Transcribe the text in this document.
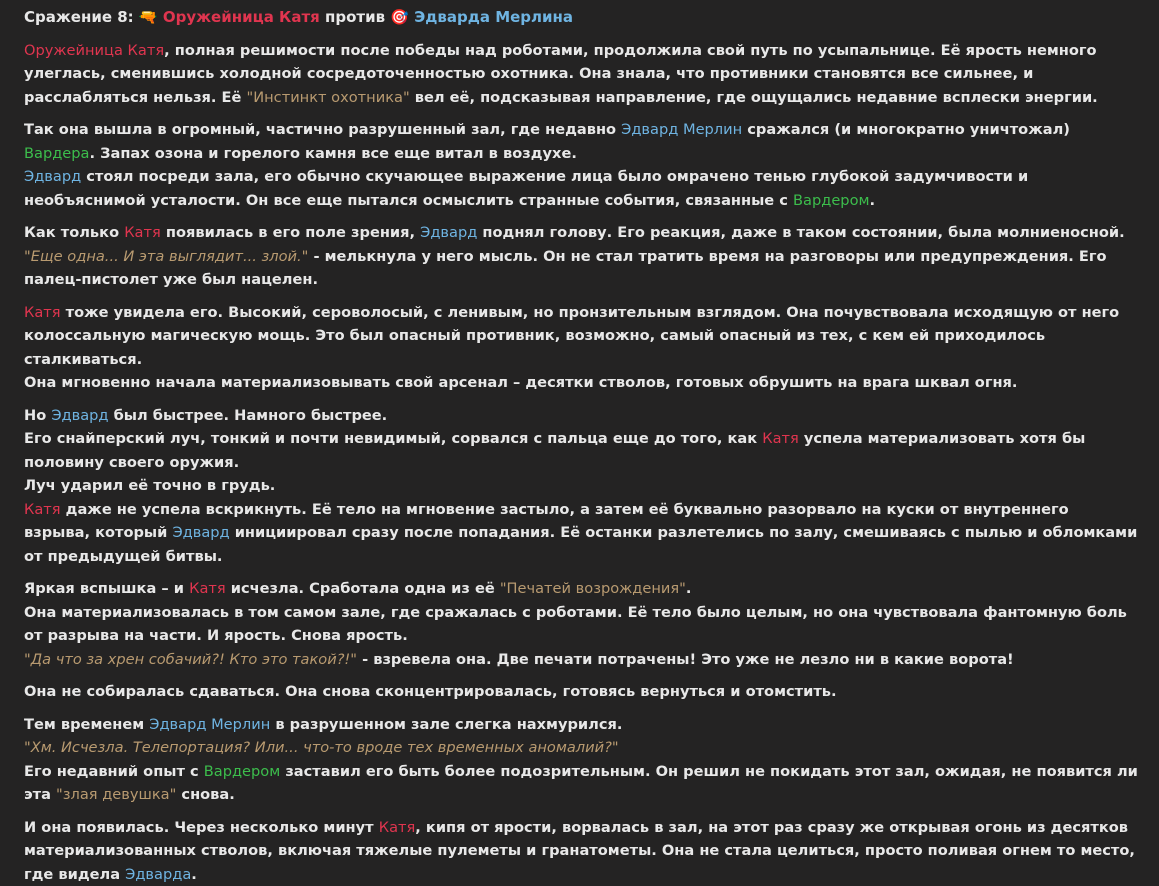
Сражение 8: 🔫 Оружейница Катя против 🎯 Эдварда Мерлина
Оружейница Катя, полная решимости после победы над роботами, продолжила свой путь по усыпальнице. Её ярость немного улеглась, сменившись холодной сосредоточенностью охотника. Она знала, что противники становятся все сильнее, и расслабляться нельзя. Её "Инстинкт охотника" вел её, подсказывая направление, где ощущались недавние всплески энергии.
Так она вышла в огромный, частично разрушенный зал, где недавно Эдвард Мерлин сражался (и многократно уничтожал) Вардера. Запах озона и горелого камня все еще витал в воздухе.
Эдвард стоял посреди зала, его обычно скучающее выражение лица было омрачено тенью глубокой задумчивости и необъяснимой усталости. Он все еще пытался осмыслить странные события, связанные с Вардером.
Как только Катя появилась в его поле зрения, Эдвард поднял голову. Его реакция, даже в таком состоянии, была молниеносной.
"Еще одна... И эта выглядит... злой." - мелькнула у него мысль. Он не стал тратить время на разговоры или предупреждения. Его палец-пистолет уже был нацелен.
Катя тоже увидела его. Высокий, сероволосый, с ленивым, но пронзительным взглядом. Она почувствовала исходящую от него колоссальную магическую мощь. Это был опасный противник, возможно, самый опасный из тех, с кем ей приходилось сталкиваться.
Она мгновенно начала материализовывать свой арсенал – десятки стволов, готовых обрушить на врага шквал огня.
Но Эдвард был быстрее. Намного быстрее.
Его снайперский луч, тонкий и почти невидимый, сорвался с пальца еще до того, как Катя успела материализовать хотя бы половину своего оружия.
Луч ударил её точно в грудь.
Катя даже не успела вскрикнуть. Её тело на мгновение застыло, а затем её буквально разорвало на куски от внутреннего взрыва, который Эдвард инициировал сразу после попадания. Её останки разлетелись по залу, смешиваясь с пылью и обломками от предыдущей битвы.
Яркая вспышка – и Катя исчезла. Сработала одна из её "Печатей возрождения".
Она материализовалась в том самом зале, где сражалась с роботами. Её тело было целым, но она чувствовала фантомную боль от разрыва на части. И ярость. Снова ярость.
"Да что за хрен собачий?! Кто это такой?!" - взревела она. Две печати потрачены! Это уже не лезло ни в какие ворота!
Она не собиралась сдаваться. Она снова сконцентрировалась, готовясь вернуться и отомстить.
Тем временем Эдвард Мерлин в разрушенном зале слегка нахмурился.
"Хм. Исчезла. Телепортация? Или... что-то вроде тех временных аномалий?"
Его недавний опыт с Вардером заставил его быть более подозрительным. Он решил не покидать этот зал, ожидая, не появится ли эта "злая девушка" снова.
И она появилась. Через несколько минут Катя, кипя от ярости, ворвалась в зал, на этот раз сразу же открывая огонь из десятков материализованных стволов, включая тяжелые пулеметы и гранатометы. Она не стала целиться, просто поливая огнем то место, где видела Эдварда.
